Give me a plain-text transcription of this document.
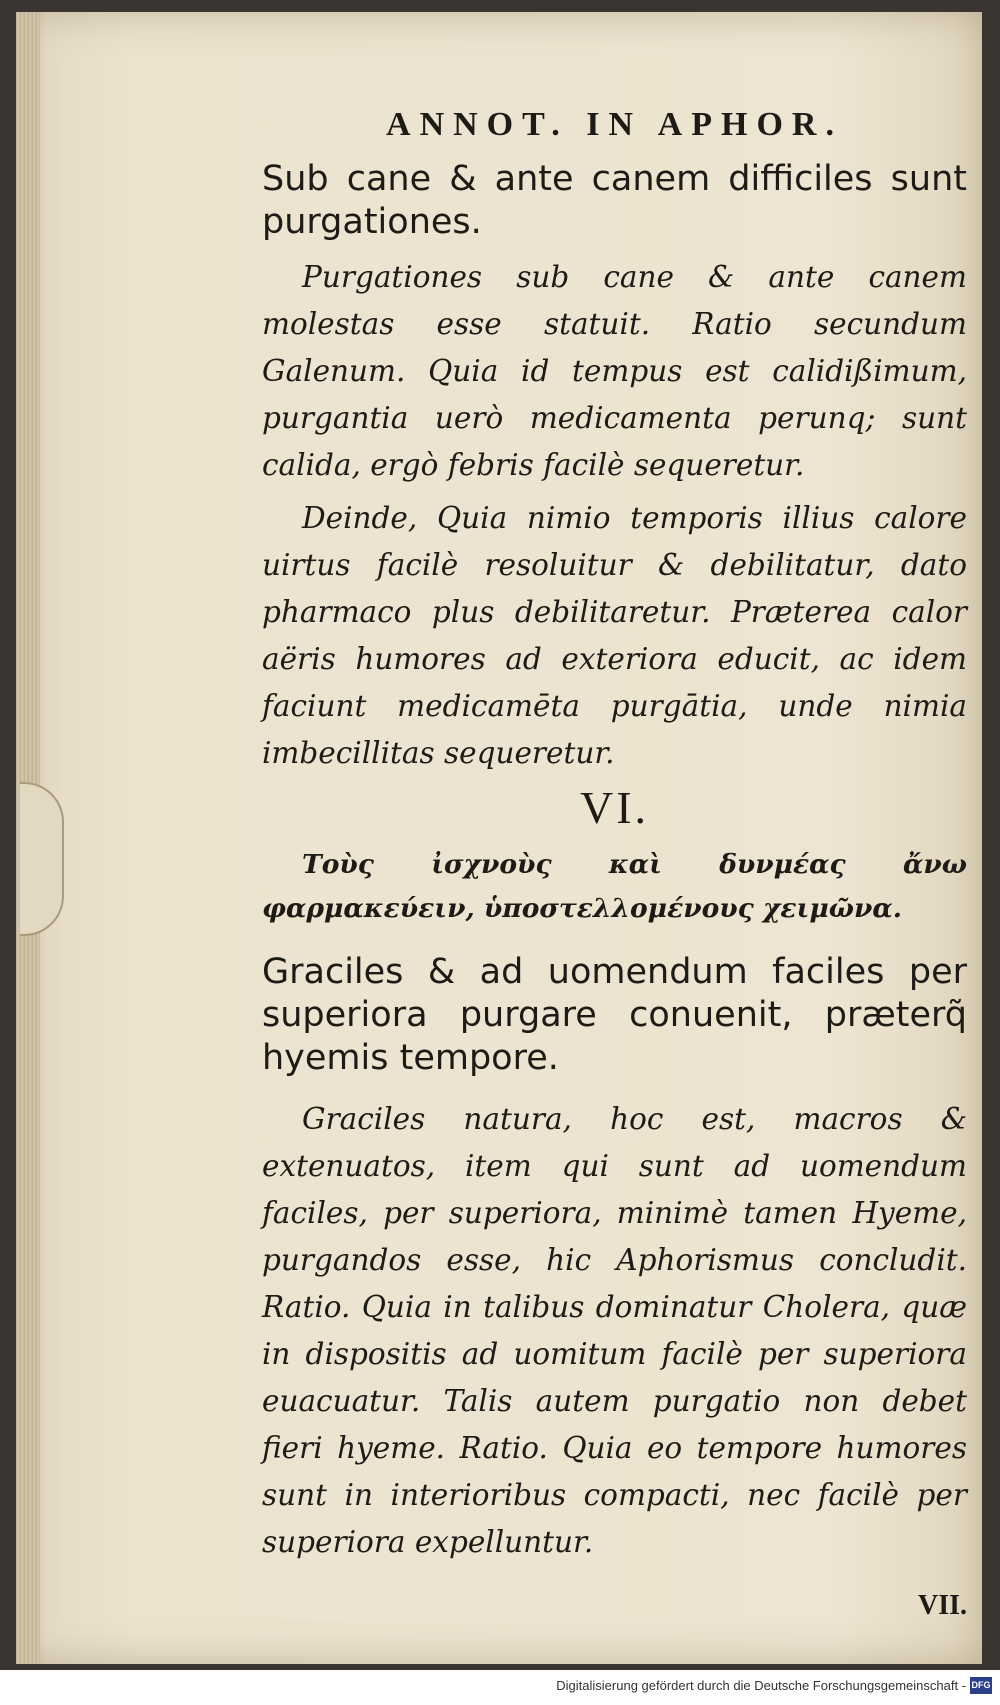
ANNOT. IN APHOR.

Sub cane & ante canem difficiles sunt purgationes.

Purgationes sub cane & ante canem molestas esse statuit. Ratio secundum Galenum. Quia id tempus est calidißimum, purgantia uerò medicamenta perunq; sunt calida, ergò febris facilè sequeretur.

Deinde, Quia nimio temporis illius calore uirtus facilè resoluitur & debilitatur, dato pharmaco plus debilitaretur. Præterea calor aëris humores ad exteriora educit, ac idem faciunt medicamēta purgātia, unde nimia imbecillitas sequeretur.

VI.

Τοὺς ἰσχνοὺς καὶ δυνμέας ἄνω φαρμακεύειν, ὑποστελλομένους χειμῶνα.

Graciles & ad uomendum faciles per superiora purgare conuenit, præterq̃ hyemis tempore.

Graciles natura, hoc est, macros & extenuatos, item qui sunt ad uomendum faciles, per superiora, minimè tamen Hyeme, purgandos esse, hic Aphorismus concludit. Ratio. Quia in talibus dominatur Cholera, quæ in dispositis ad uomitum facilè per superiora euacuatur. Talis autem purgatio non debet fieri hyeme. Ratio. Quia eo tempore humores sunt in interioribus compacti, nec facilè per superiora expelluntur.

VII.
Digitalisierung gefördert durch die Deutsche Forschungsgemeinschaft - DFG
